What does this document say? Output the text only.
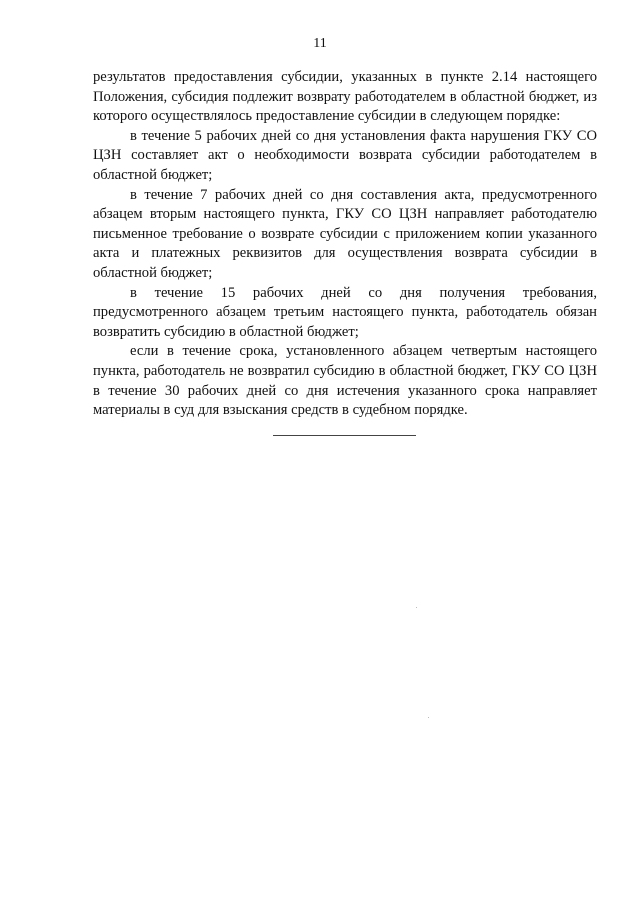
11

результатов предоставления субсидии, указанных в пункте 2.14 настоящего Положения, субсидия подлежит возврату работодателем в областной бюджет, из которого осуществлялось предоставление субсидии в следующем порядке:

в течение 5 рабочих дней со дня установления факта нарушения ГКУ СО ЦЗН составляет акт о необходимости возврата субсидии работодателем в областной бюджет;

в течение 7 рабочих дней со дня составления акта, предусмотренного абзацем вторым настоящего пункта, ГКУ СО ЦЗН направляет работодателю письменное требование о возврате субсидии с приложением копии указанного акта и платежных реквизитов для осуществления возврата субсидии в областной бюджет;

в течение 15 рабочих дней со дня получения требования, предусмотренного абзацем третьим настоящего пункта, работодатель обязан возвратить субсидию в областной бюджет;

если в течение срока, установленного абзацем четвертым настоящего пункта, работодатель не возвратил субсидию в областной бюджет, ГКУ СО ЦЗН в течение 30 рабочих дней со дня истечения указанного срока направляет материалы в суд для взыскания средств в судебном порядке.
